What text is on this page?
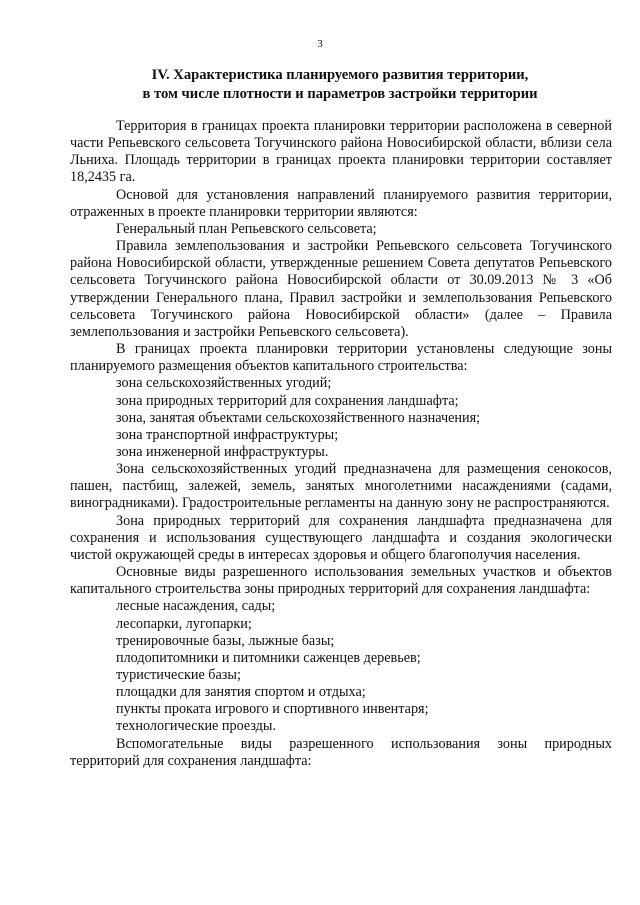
3
IV. Характеристика планируемого развития территории,
в том числе плотности и параметров застройки территории

Территория в границах проекта планировки территории расположена в северной части Репьевского сельсовета Тогучинского района Новосибирской области, вблизи села Льниха. Площадь территории в границах проекта планировки территории составляет 18,2435 га.

Основой для установления направлений планируемого развития территории, отраженных в проекте планировки территории являются:

Генеральный план Репьевского сельсовета;

Правила землепользования и застройки Репьевского сельсовета Тогучинского района Новосибирской области, утвержденные решением Совета депутатов Репьевского сельсовета Тогучинского района Новосибирской области от 30.09.2013 № 3 «Об утверждении Генерального плана, Правил застройки и землепользования Репьевского сельсовета Тогучинского района Новосибирской области» (далее – Правила землепользования и застройки Репьевского сельсовета).

В границах проекта планировки территории установлены следующие зоны планируемого размещения объектов капитального строительства:

зона сельскохозяйственных угодий;

зона природных территорий для сохранения ландшафта;

зона, занятая объектами сельскохозяйственного назначения;

зона транспортной инфраструктуры;

зона инженерной инфраструктуры.

Зона сельскохозяйственных угодий предназначена для размещения сенокосов, пашен, пастбищ, залежей, земель, занятых многолетними насаждениями (садами, виноградниками). Градостроительные регламенты на данную зону не распространяются.

Зона природных территорий для сохранения ландшафта предназначена для сохранения и использования существующего ландшафта и создания экологически чистой окружающей среды в интересах здоровья и общего благополучия населения.

Основные виды разрешенного использования земельных участков и объектов капитального строительства зоны природных территорий для сохранения ландшафта:

лесные насаждения, сады;

лесопарки, лугопарки;

тренировочные базы, лыжные базы;

плодопитомники и питомники саженцев деревьев;

туристические базы;

площадки для занятия спортом и отдыха;

пункты проката игрового и спортивного инвентаря;

технологические проезды.

Вспомогательные виды разрешенного использования зоны природных территорий для сохранения ландшафта:
